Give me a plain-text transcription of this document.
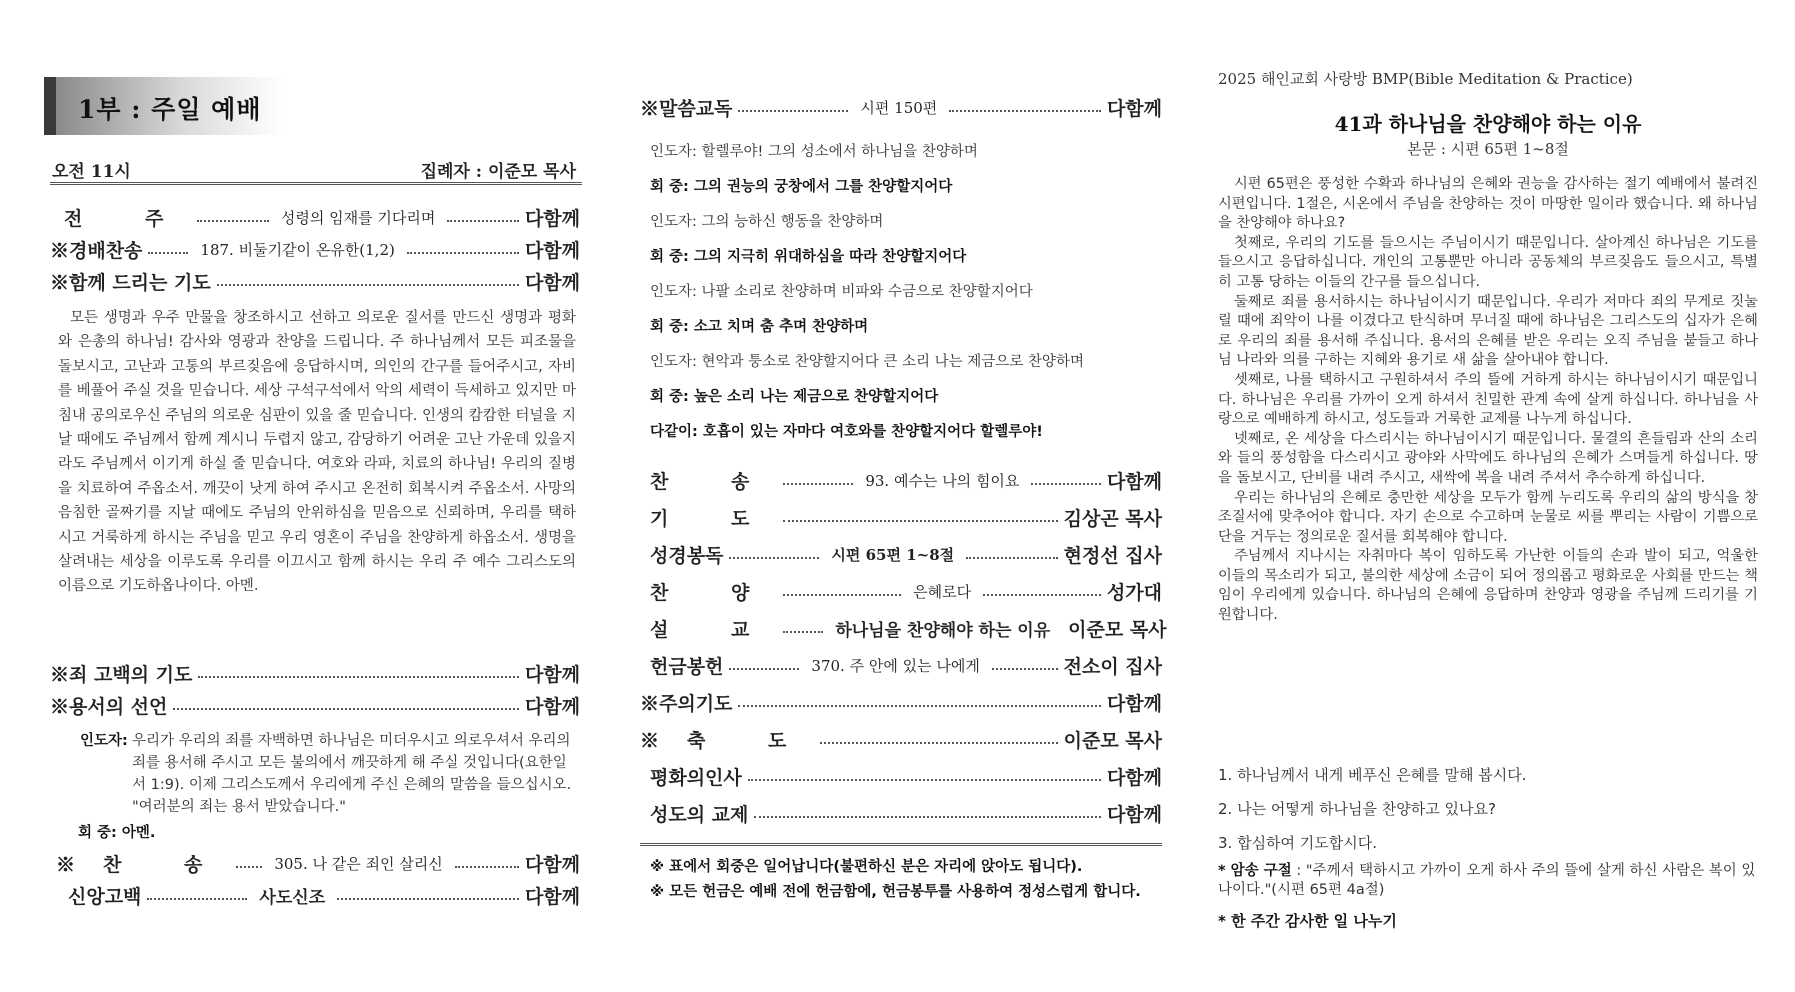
1부 : 주일 예배
오전 11시	집례자 : 이준모 목사
전 주	성령의 임재를 기다리며	다함께
※경배찬송	187. 비둘기같이 온유한(1,2)	다함께
※함께 드리는 기도	다함께
모든 생명과 우주 만물을 창조하시고 선하고 의로운 질서를 만드신 생명과 평화와 은총의 하나님! 감사와 영광과 찬양을 드립니다. 주 하나님께서 모든 피조물을 돌보시고, 고난과 고통의 부르짖음에 응답하시며, 의인의 간구를 들어주시고, 자비를 베풀어 주실 것을 믿습니다. 세상 구석구석에서 악의 세력이 득세하고 있지만 마침내 공의로우신 주님의 의로운 심판이 있을 줄 믿습니다. 인생의 캄캄한 터널을 지날 때에도 주님께서 함께 계시니 두렵지 않고, 감당하기 어려운 고난 가운데 있을지라도 주님께서 이기게 하실 줄 믿습니다. 여호와 라파, 치료의 하나님! 우리의 질병을 치료하여 주옵소서. 깨끗이 낫게 하여 주시고 온전히 회복시켜 주옵소서. 사망의 음침한 골짜기를 지날 때에도 주님의 안위하심을 믿음으로 신뢰하며, 우리를 택하시고 거룩하게 하시는 주님을 믿고 우리 영혼이 주님을 찬양하게 하옵소서. 생명을 살려내는 세상을 이루도록 우리를 이끄시고 함께 하시는 우리 주 예수 그리스도의 이름으로 기도하옵나이다. 아멘.
※죄 고백의 기도	다함께
※용서의 선언	다함께
인도자: 우리가 우리의 죄를 자백하면 하나님은 미더우시고 의로우셔서 우리의 죄를 용서해 주시고 모든 불의에서 깨끗하게 해 주실 것입니다(요한일서 1:9). 이제 그리스도께서 우리에게 주신 은혜의 말씀을 들으십시오. "여러분의 죄는 용서 받았습니다."
회 중: 아멘.
※찬 송	305. 나 같은 죄인 살리신	다함께
신앙고백	사도신조	다함께
※말씀교독	시편 150편	다함께
인도자: 할렐루야! 그의 성소에서 하나님을 찬양하며
회 중: 그의 권능의 궁창에서 그를 찬양할지어다
인도자: 그의 능하신 행동을 찬양하며
회 중: 그의 지극히 위대하심을 따라 찬양할지어다
인도자: 나팔 소리로 찬양하며 비파와 수금으로 찬양할지어다
회 중: 소고 치며 춤 추며 찬양하며
인도자: 현악과 퉁소로 찬양할지어다 큰 소리 나는 제금으로 찬양하며
회 중: 높은 소리 나는 제금으로 찬양할지어다
다같이: 호흡이 있는 자마다 여호와를 찬양할지어다 할렐루야!
찬 송	93. 예수는 나의 힘이요	다함께
기 도	김상곤 목사
성경봉독	시편 65편 1~8절	현정선 집사
찬 양	은혜로다	성가대
설 교	하나님을 찬양해야 하는 이유 이준모 목사
헌금봉헌	370. 주 안에 있는 나에게	전소이 집사
※주의기도	다함께
※축 도	이준모 목사
평화의인사	다함께
성도의 교제	다함께
※ 표에서 회중은 일어납니다(불편하신 분은 자리에 앉아도 됩니다).
※ 모든 헌금은 예배 전에 헌금함에, 헌금봉투를 사용하여 정성스럽게 합니다.
2025 해인교회 사랑방 BMP(Bible Meditation & Practice)
41과 하나님을 찬양해야 하는 이유
본문 : 시편 65편 1~8절

시편 65편은 풍성한 수확과 하나님의 은혜와 권능을 감사하는 절기 예배에서 불려진 시편입니다. 1절은, 시온에서 주님을 찬양하는 것이 마땅한 일이라 했습니다. 왜 하나님을 찬양해야 하나요?

첫째로, 우리의 기도를 들으시는 주님이시기 때문입니다. 살아계신 하나님은 기도를 들으시고 응답하십니다. 개인의 고통뿐만 아니라 공동체의 부르짖음도 들으시고, 특별히 고통 당하는 이들의 간구를 들으십니다.

둘째로 죄를 용서하시는 하나님이시기 때문입니다. 우리가 저마다 죄의 무게로 짓눌릴 때에 죄악이 나를 이겼다고 탄식하며 무너질 때에 하나님은 그리스도의 십자가 은혜로 우리의 죄를 용서해 주십니다. 용서의 은혜를 받은 우리는 오직 주님을 붙들고 하나님 나라와 의를 구하는 지혜와 용기로 새 삶을 살아내야 합니다.

셋째로, 나를 택하시고 구원하셔서 주의 뜰에 거하게 하시는 하나님이시기 때문입니다. 하나님은 우리를 가까이 오게 하셔서 친밀한 관계 속에 살게 하십니다. 하나님을 사랑으로 예배하게 하시고, 성도들과 거룩한 교제를 나누게 하십니다.

넷째로, 온 세상을 다스리시는 하나님이시기 때문입니다. 물결의 흔들림과 산의 소리와 들의 풍성함을 다스리시고 광야와 사막에도 하나님의 은혜가 스며들게 하십니다. 땅을 돌보시고, 단비를 내려 주시고, 새싹에 복을 내려 주셔서 추수하게 하십니다.

우리는 하나님의 은혜로 충만한 세상을 모두가 함께 누리도록 우리의 삶의 방식을 창조질서에 맞추어야 합니다. 자기 손으로 수고하며 눈물로 씨를 뿌리는 사람이 기쁨으로 단을 거두는 정의로운 질서를 회복해야 합니다.

주님께서 지나시는 자취마다 복이 임하도록 가난한 이들의 손과 발이 되고, 억울한 이들의 목소리가 되고, 불의한 세상에 소금이 되어 정의롭고 평화로운 사회를 만드는 책임이 우리에게 있습니다. 하나님의 은혜에 응답하며 찬양과 영광을 주님께 드리기를 기원합니다.

1. 하나님께서 내게 베푸신 은혜를 말해 봅시다.
2. 나는 어떻게 하나님을 찬양하고 있나요?
3. 합심하여 기도합시다.
* 암송 구절 : "주께서 택하시고 가까이 오게 하사 주의 뜰에 살게 하신 사람은 복이 있나이다."(시편 65편 4a절)
* 한 주간 감사한 일 나누기
